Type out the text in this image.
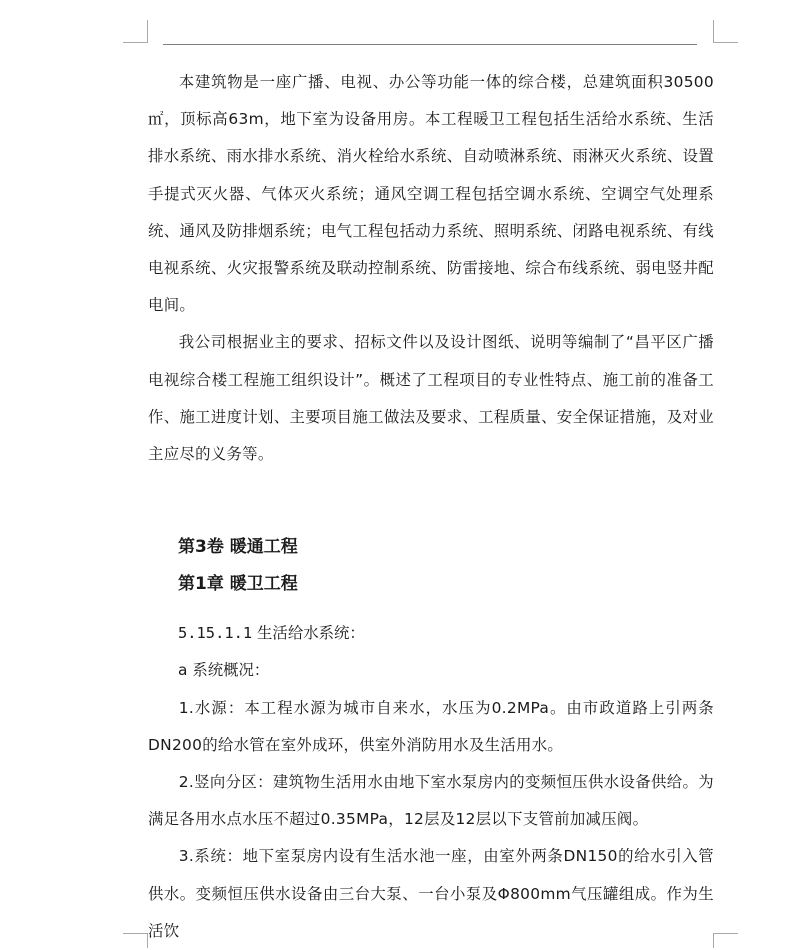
本建筑物是一座广播、电视、办公等功能一体的综合楼，总建筑面积30500㎡，顶标高63m，地下室为设备用房。本工程暖卫工程包括生活给水系统、生活排水系统、雨水排水系统、消火栓给水系统、自动喷淋系统、雨淋灭火系统、设置手提式灭火器、气体灭火系统；通风空调工程包括空调水系统、空调空气处理系统、通风及防排烟系统；电气工程包括动力系统、照明系统、闭路电视系统、有线电视系统、火灾报警系统及联动控制系统、防雷接地、综合布线系统、弱电竖井配电间。

我公司根据业主的要求、招标文件以及设计图纸、说明等编制了“昌平区广播电视综合楼工程施工组织设计”。概述了工程项目的专业性特点、施工前的准备工作、施工进度计划、主要项目施工做法及要求、工程质量、安全保证措施，及对业主应尽的义务等。

第3卷 暖通工程
第1章 暖卫工程

5.15.1.1 生活给水系统：

a 系统概况：

1.水源：本工程水源为城市自来水，水压为0.2MPa。由市政道路上引两条DN200的给水管在室外成环，供室外消防用水及生活用水。

2.竖向分区：建筑物生活用水由地下室水泵房内的变频恒压供水设备供给。为满足各用水点水压不超过0.35MPa，12层及12层以下支管前加减压阀。

3.系统：地下室泵房内设有生活水池一座，由室外两条DN150的给水引入管供水。变频恒压供水设备由三台大泵、一台小泵及Φ800mm气压罐组成。作为生活饮
